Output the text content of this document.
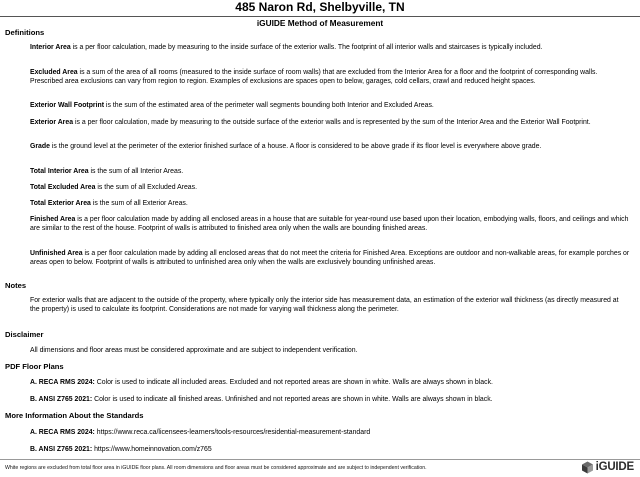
485 Naron Rd, Shelbyville, TN
iGUIDE Method of Measurement
Definitions
Interior Area is a per floor calculation, made by measuring to the inside surface of the exterior walls. The footprint of all interior walls and staircases is typically included.
Excluded Area is a sum of the area of all rooms (measured to the inside surface of room walls) that are excluded from the Interior Area for a floor and the footprint of corresponding walls. Prescribed area exclusions can vary from region to region. Examples of exclusions are spaces open to below, garages, cold cellars, crawl and reduced height spaces.
Exterior Wall Footprint is the sum of the estimated area of the perimeter wall segments bounding both Interior and Excluded Areas.
Exterior Area is a per floor calculation, made by measuring to the outside surface of the exterior walls and is represented by the sum of the Interior Area and the Exterior Wall Footprint.
Grade is the ground level at the perimeter of the exterior finished surface of a house. A floor is considered to be above grade if its floor level is everywhere above grade.
Total Interior Area is the sum of all Interior Areas.
Total Excluded Area is the sum of all Excluded Areas.
Total Exterior Area is the sum of all Exterior Areas.
Finished Area is a per floor calculation made by adding all enclosed areas in a house that are suitable for year-round use based upon their location, embodying walls, floors, and ceilings and which are similar to the rest of the house. Footprint of walls is attributed to finished area only when the walls are bounding finished areas.
Unfinished Area is a per floor calculation made by adding all enclosed areas that do not meet the criteria for Finished Area. Exceptions are outdoor and non-walkable areas, for example porches or areas open to below. Footprint of walls is attributed to unfinished area only when the walls are exclusively bounding unfinished areas.
Notes
For exterior walls that are adjacent to the outside of the property, where typically only the interior side has measurement data, an estimation of the exterior wall thickness (as directly measured at the property) is used to calculate its footprint. Considerations are not made for varying wall thickness along the perimeter.
Disclaimer
All dimensions and floor areas must be considered approximate and are subject to independent verification.
PDF Floor Plans
A. RECA RMS 2024: Color is used to indicate all included areas. Excluded and not reported areas are shown in white. Walls are always shown in black.
B. ANSI Z765 2021: Color is used to indicate all finished areas. Unfinished and not reported areas are shown in white. Walls are always shown in black.
More Information About the Standards
A. RECA RMS 2024: https://www.reca.ca/licensees-learners/tools-resources/residential-measurement-standard
B. ANSI Z765 2021: https://www.homeinnovation.com/z765
White regions are excluded from total floor area in iGUIDE floor plans. All room dimensions and floor areas must be considered approximate and are subject to independent verification.	iGUIDE
